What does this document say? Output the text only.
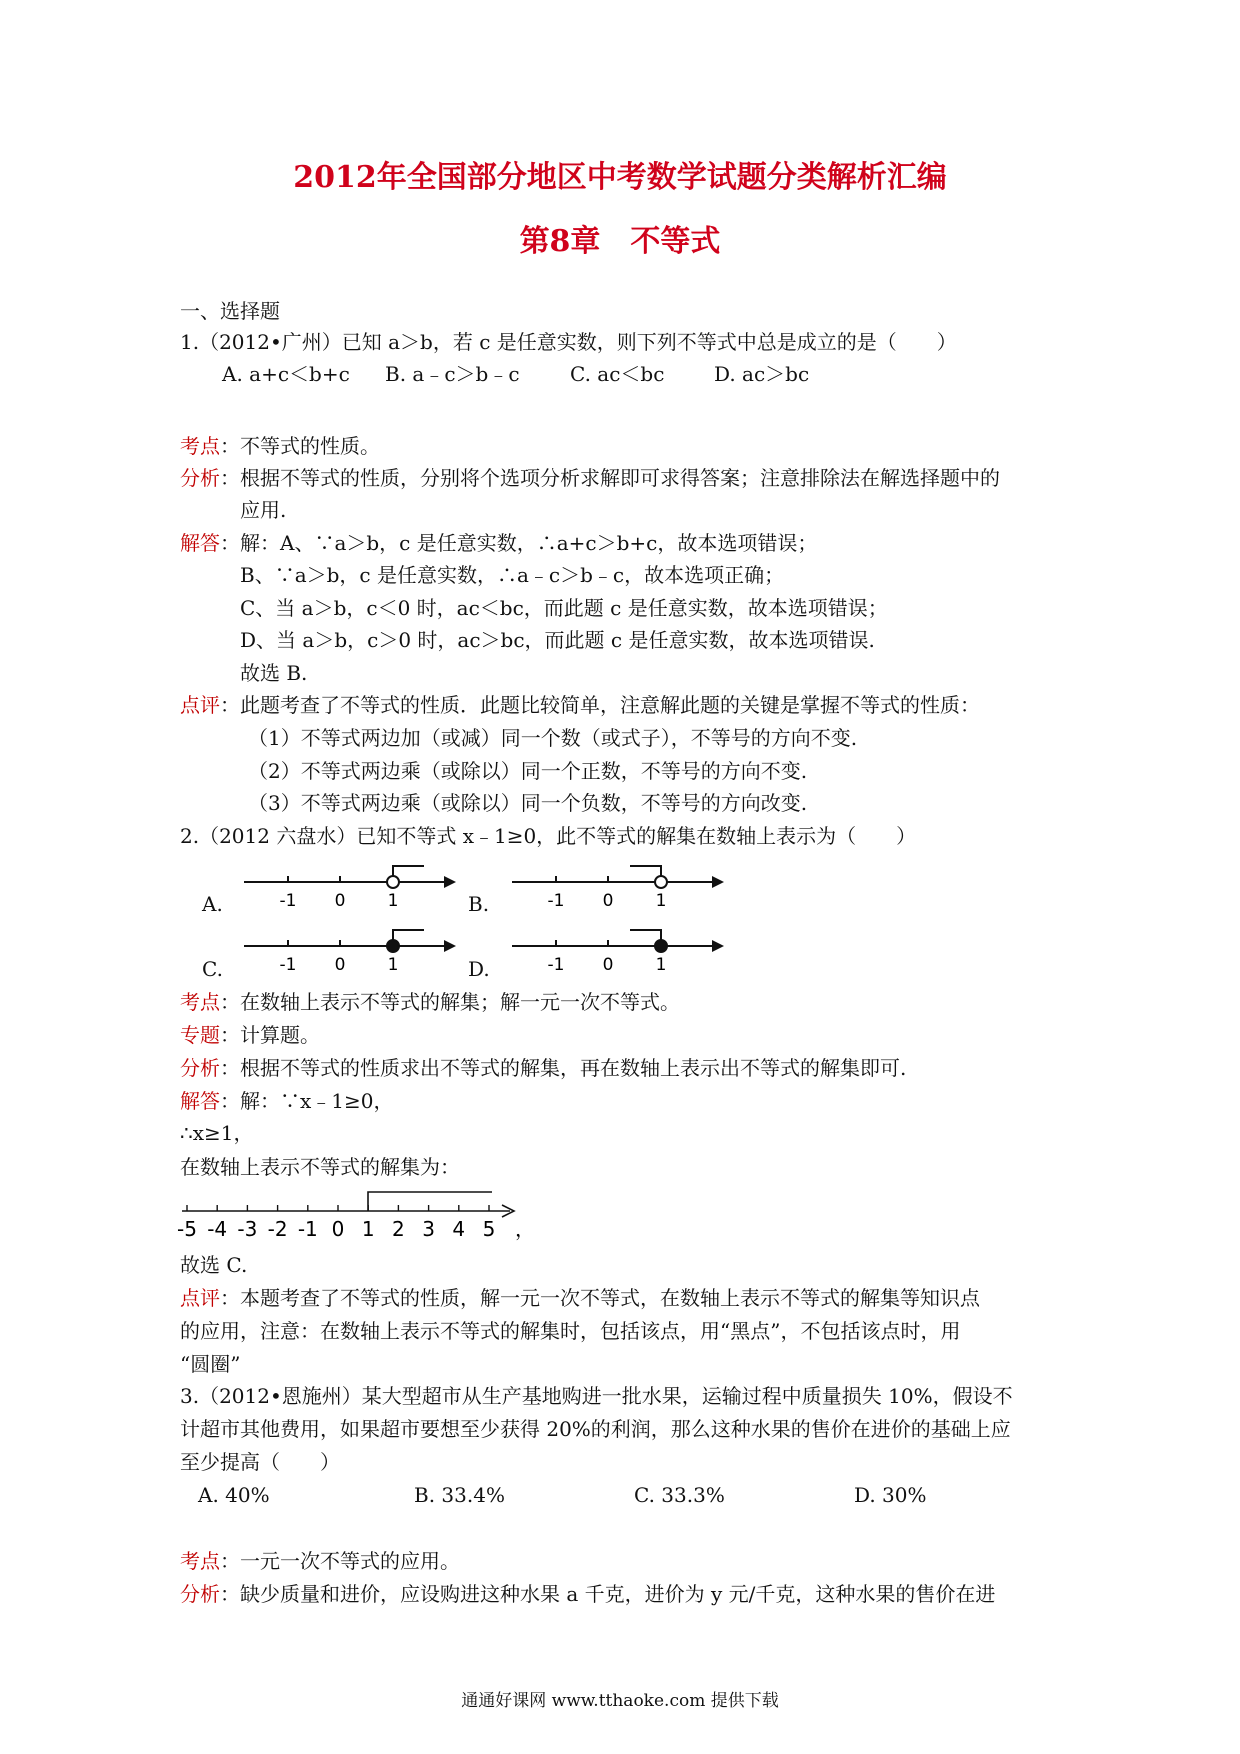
2012年全国部分地区中考数学试题分类解析汇编
第8章　不等式
一、选择题
1.（2012•广州）已知 a＞b，若 c 是任意实数，则下列不等式中总是成立的是（　　）
A. a+c＜b+c B. a﹣c＞b﹣c	C. ac＜bc D. ac＞bc
考点：不等式的性质。
分析：根据不等式的性质，分别将个选项分析求解即可求得答案；注意排除法在解选择题中的
应用.
解答：解：A、∵a＞b，c 是任意实数，∴a+c＞b+c，故本选项错误；
B、∵a＞b，c 是任意实数，∴a﹣c＞b﹣c，故本选项正确；
C、当 a＞b，c＜0 时，ac＜bc，而此题 c 是任意实数，故本选项错误；
D、当 a＞b，c＞0 时，ac＞bc，而此题 c 是任意实数，故本选项错误.
故选 B.
点评：此题考查了不等式的性质．此题比较简单，注意解此题的关键是掌握不等式的性质：
（1）不等式两边加（或减）同一个数（或式子），不等号的方向不变.
（2）不等式两边乘（或除以）同一个正数，不等号的方向不变.
（3）不等式两边乘（或除以）同一个负数，不等号的方向改变.
2.（2012 六盘水）已知不等式 x﹣1≥0，此不等式的解集在数轴上表示为（　　）
A.	-1 0 1	B.	-1 0 1
C.	-1 0 1	D.	-1 0 1
考点：在数轴上表示不等式的解集；解一元一次不等式。
专题：计算题。
分析：根据不等式的性质求出不等式的解集，再在数轴上表示出不等式的解集即可.
解答：解：∵x﹣1≥0，
∴x≥1，
在数轴上表示不等式的解集为：
-5 -4 -3 -2 -1 0 1 2 3 4 5 ，
故选 C.
点评：本题考查了不等式的性质，解一元一次不等式，在数轴上表示不等式的解集等知识点
的应用，注意：在数轴上表示不等式的解集时，包括该点，用“黑点”，不包括该点时，用
“圆圈”
3.（2012•恩施州）某大型超市从生产基地购进一批水果，运输过程中质量损失 10%，假设不
计超市其他费用，如果超市要想至少获得 20%的利润，那么这种水果的售价在进价的基础上应
至少提高（　　）
A. 40%	B. 33.4%	C. 33.3%	D. 30%
考点：一元一次不等式的应用。
分析：缺少质量和进价，应设购进这种水果 a 千克，进价为 y 元/千克，这种水果的售价在进
通通好课网 www.tthaoke.com 提供下载
